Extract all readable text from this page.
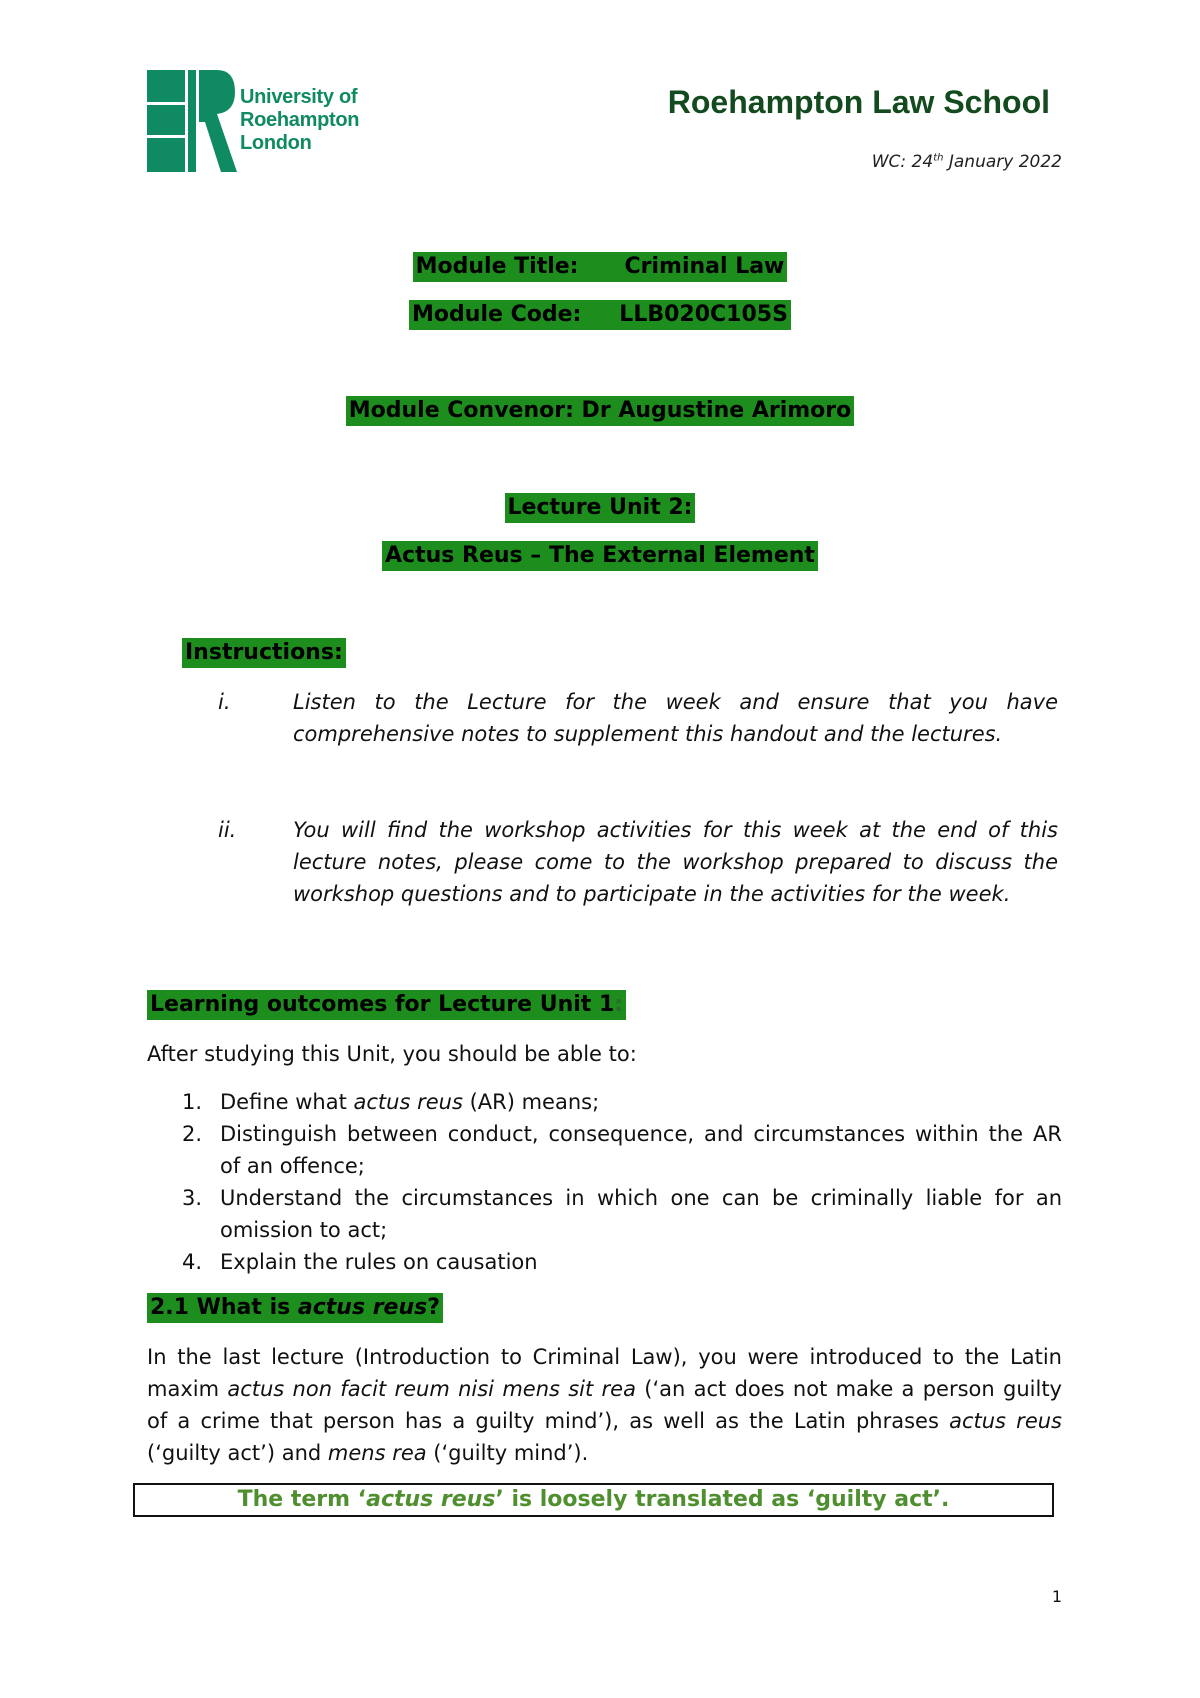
University of
Roehampton
London
Roehampton Law School
WC: 24th January 2022
Module Title: Criminal Law
Module Code: LLB020C105S
Module Convenor: Dr Augustine Arimoro
Lecture Unit 2:
Actus Reus – The External Element
Instructions:
i.	Listen to the Lecture for the week and ensure that you have comprehensive notes to supplement this handout and the lectures.
ii.	You will find the workshop activities for this week at the end of this lecture notes, please come to the workshop prepared to discuss the workshop questions and to participate in the activities for the week.
Learning outcomes for Lecture Unit 1:
After studying this Unit, you should be able to:
1. Define what actus reus (AR) means;
2. Distinguish between conduct, consequence, and circumstances within the AR of an offence;
3. Understand the circumstances in which one can be criminally liable for an omission to act;
4. Explain the rules on causation
2.1 What is actus reus?
In the last lecture (Introduction to Criminal Law), you were introduced to the Latin maxim actus non facit reum nisi mens sit rea (‘an act does not make a person guilty of a crime that person has a guilty mind’), as well as the Latin phrases actus reus (‘guilty act’) and mens rea (‘guilty mind’).
The term ‘actus reus’ is loosely translated as ‘guilty act’.
1
